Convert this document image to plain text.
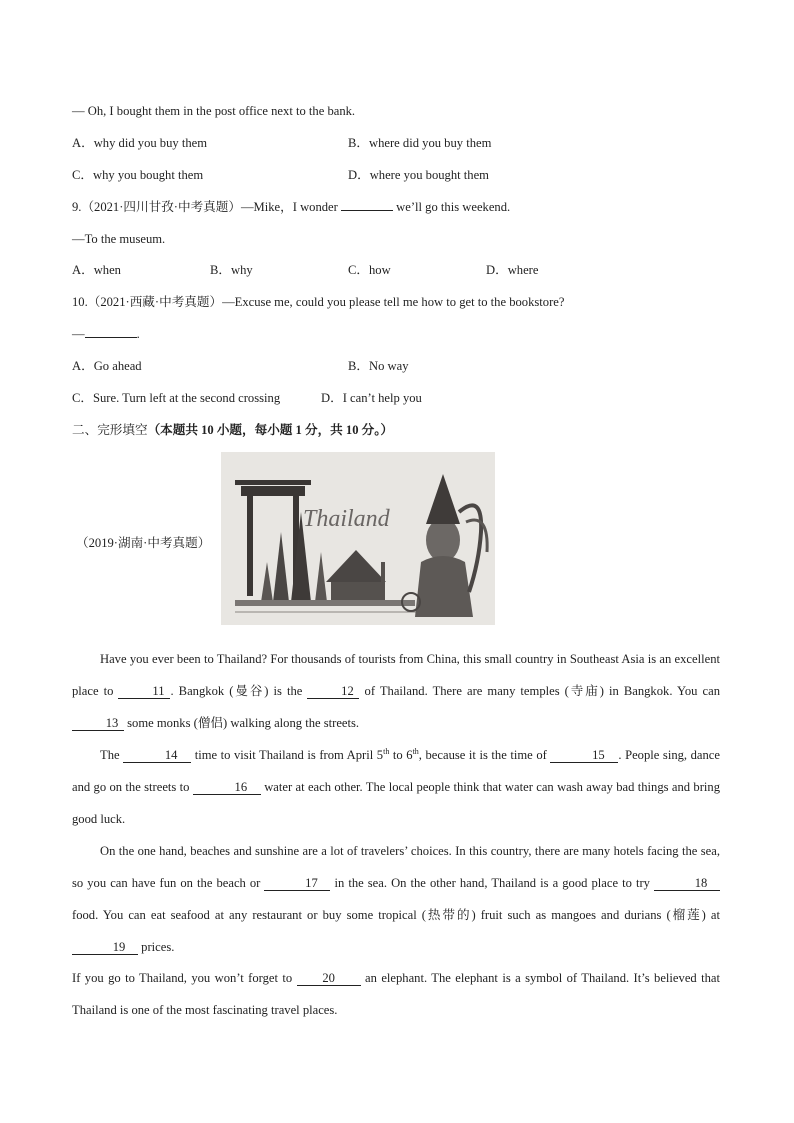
— Oh, I bought them in the post office next to the bank.
A．why did you buy them	B．where did you buy them
C．why you bought them	D．where you bought them
9.（2021·四川甘孜·中考真题）—Mike，I wonder	we’ll go this weekend.
—To the museum.
A．when	B．why	C．how	D．where
10.（2021·西藏·中考真题）—Excuse me, could you please tell me how to get to the bookstore?
—	.
A．Go ahead	B．No way
C．Sure. Turn left at the second crossing	D．I can’t help you
二、完形填空（本题共 10 小题，每小题 1 分，共 10 分。）
（2019·湖南·中考真题）
Thailand
Have you ever been to Thailand? For thousands of tourists from China, this small country in Southeast Asia is an excellent place to	11 . Bangkok (曼谷) is the	12 of Thailand. There are many temples (寺庙) in Bangkok. You can 13 some monks (僧侣) walking along the streets.
The	14 time to visit Thailand is from April 5th to 6th, because it is the time of	15 . People sing, dance and go on the streets to	16 water at each other. The local people think that water can wash away bad things and bring good luck.
On the one hand, beaches and sunshine are a lot of travelers’ choices. In this country, there are many hotels facing the sea, so you can have fun on the beach or	17 in the sea. On the other hand, Thailand is a good place to try	18 food. You can eat seafood at any restaurant or buy some tropical (热带的) fruit such as mangoes and durians (榴莲) at 19 prices.
If you go to Thailand, you won’t forget to 20 an elephant. The elephant is a symbol of Thailand. It’s believed that Thailand is one of the most fascinating travel places.
